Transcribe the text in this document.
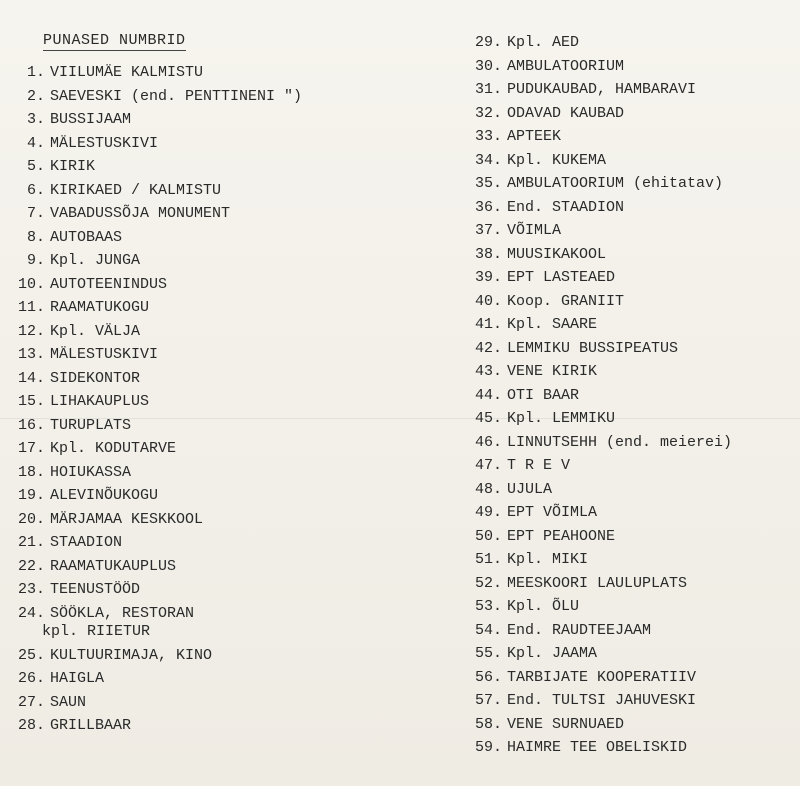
PUNASED NUMBRID
1 . VIILUMÄE KALMISTU
2 . SAEVESKI (end. PENTTINENI ")
3 . BUSSIJAAM
4 . MÄLESTUSKIVI
5 . KIRIK
6 . KIRIKAED / KALMISTU
7 . VABADUSSÕJA MONUMENT
8 . AUTOBAAS
9 . Kpl. JUNGA
10 . AUTOTEENINDUS
11 . RAAMATUKOGU
12 . Kpl. VÄLJA
13 . MÄLESTUSKIVI
14 . SIDEKONTOR
15 . LIHAKAUPLUS
16 . TURUPLATS
17 . Kpl. KODUTARVE
18 . HOIUKASSA
19 . ALEVINÕUKOGU
20 . MÄRJAMAA KESKKOOL
21 . STAADION
22 . RAAMATUKAUPLUS
23 . TEENUSTÖÖD
24 . SÖÖKLA, RESTORAN
kpl. RIIETUR
25 . KULTUURIMAJA, KINO
26 . HAIGLA
27 . SAUN
28 . GRILLBAAR
29 . Kpl. AED
30 . AMBULATOORIUM
31 . PUDUKAUBAD, HAMBARAVI
32 . ODAVAD KAUBAD
33 . APTEEK
34 . Kpl. KUKEMA
35 . AMBULATOORIUM (ehitatav)
36 . End. STAADION
37 . VÕIMLA
38 . MUUSIKAKOOL
39 . EPT LASTEAED
40 . Koop. GRANIIT
41 . Kpl. SAARE
42 . LEMMIKU BUSSIPEATUS
43 . VENE KIRIK
44 . OTI BAAR
45 . Kpl. LEMMIKU
46 . LINNUTSEHH (end. meierei)
47 . T R E V
48 . UJULA
49 . EPT VÕIMLA
50 . EPT PEAHOONE
51 . Kpl. MIKI
52 . MEESKOORI LAULUPLATS
53 . Kpl. ÕLU
54 . End. RAUDTEEJAAM
55 . Kpl. JAAMA
56 . TARBIJATE KOOPERATIIV
57 . End. TULTSI JAHUVESKI
58 . VENE SURNUAED
59 . HAIMRE TEE OBELISKID
